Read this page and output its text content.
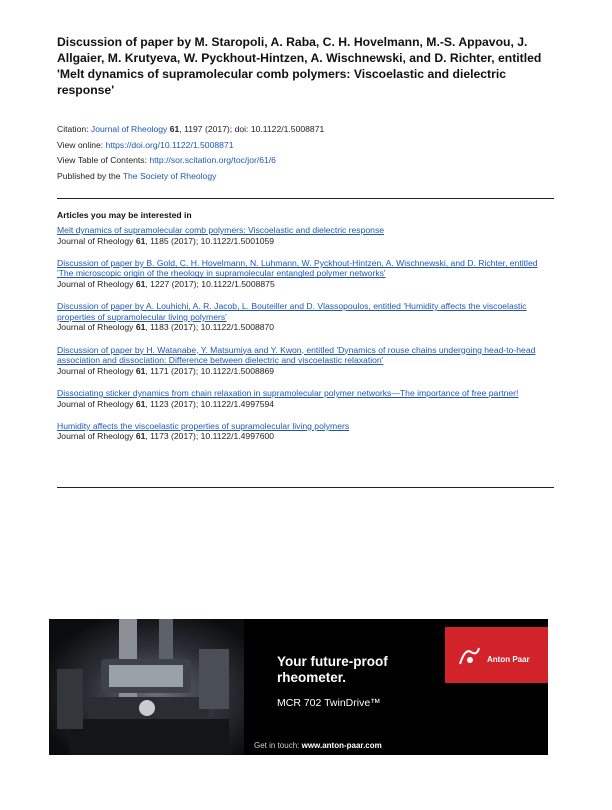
Discussion of paper by M. Staropoli, A. Raba, C. H. Hovelmann, M.-S. Appavou, J. Allgaier, M. Krutyeva, W. Pyckhout-Hintzen, A. Wischnewski, and D. Richter, entitled 'Melt dynamics of supramolecular comb polymers: Viscoelastic and dielectric response'
Citation: Journal of Rheology 61, 1197 (2017); doi: 10.1122/1.5008871
View online: https://doi.org/10.1122/1.5008871
View Table of Contents: http://sor.scitation.org/toc/jor/61/6
Published by the The Society of Rheology
Articles you may be interested in
Melt dynamics of supramolecular comb polymers: Viscoelastic and dielectric response
Journal of Rheology 61, 1185 (2017); 10.1122/1.5001059
Discussion of paper by B. Gold, C. H. Hovelmann, N. Luhmann, W. Pyckhout-Hintzen, A. Wischnewski, and D. Richter, entitled 'The microscopic origin of the rheology in supramolecular entangled polymer networks'
Journal of Rheology 61, 1227 (2017); 10.1122/1.5008875
Discussion of paper by A. Louhichi, A. R. Jacob, L. Bouteiller and D. Vlassopoulos, entitled 'Humidity affects the viscoelastic properties of supramolecular living polymers'
Journal of Rheology 61, 1183 (2017); 10.1122/1.5008870
Discussion of paper by H. Watanabe, Y. Matsumiya and Y. Kwon, entitled 'Dynamics of rouse chains undergoing head-to-head association and dissociation: Difference between dielectric and viscoelastic relaxation'
Journal of Rheology 61, 1171 (2017); 10.1122/1.5008869
Dissociating sticker dynamics from chain relaxation in supramolecular polymer networks—The importance of free partner!
Journal of Rheology 61, 1123 (2017); 10.1122/1.4997594
Humidity affects the viscoelastic properties of supramolecular living polymers
Journal of Rheology 61, 1173 (2017); 10.1122/1.4997600
Your future-proof
rheometer.
MCR 702 TwinDrive™
Get in touch: www.anton-paar.com
Anton Paar
